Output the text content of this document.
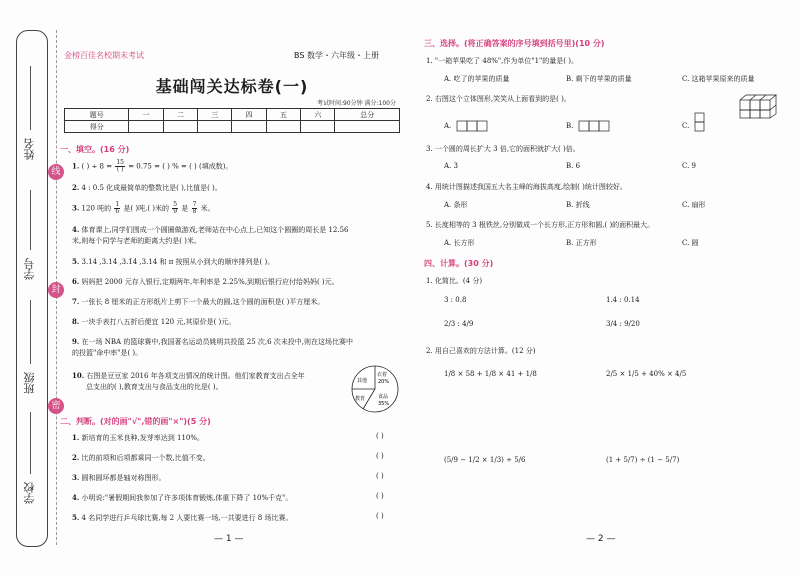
姓名
学号
班级
学校
线
封
密
金榜百佳名校期末考试	BS 数学・六年级・上册
基础闯关达标卷(一)
考试时间:90分钟 满分:100分
题号	一	二	三	四	五	六	总分
得分							
一、填空。(16 分)
1. ( ) ÷ $8 = \frac{15}{( )} = 0.75$ = ( ) % = ( ) (填成数)。
2. 4 : 0.5 化成最简单的整数比是( ),比值是( )。
3. 120 吨的 $\frac{1}{6}$ 是( )吨,( )米的 $\frac{5}{9}$ 是 $\frac{7}{8}$ 米。
4. 体育课上,同学们围成一个圆圈做游戏,老师站在中心点上,已知这个圆圈的周长是 12.56
米,则每个同学与老师的距离大约是( )米。
5. 3.14 ,3.14̇ ,3.1̇4̇ ,3.14 和 π 按照从小到大的顺序排列是( )。
6. 妈妈把 2000 元存入银行,定期两年,年利率是 2.25%,到期后银行应付给妈妈( )元。
7. 一张长 8 厘米的正方形纸片上剪下一个最大的圆,这个圆的面积是( )平方厘米。
8. 一块手表打八五折后便宜 120 元,其原价是( )元。
9. 在一场 NBA 的篮球赛中,我国著名运动员姚明共投篮 25 次,6 次未投中,则在这场比赛中
的投篮"命中率"是( )。
10. 右图是豆豆家 2016 年各项支出情况的统计图。他们家教育支出占全年
总支出的( ),教育支出与食品支出的比是( )。
衣着
20%
其他
教育	食品
35%
二、判断。(对的画"√",错的画"×")(5 分)
1. 新培育的玉米良种,发芽率达到 110%。	( )
2. 比的前项和后项都乘同一个数,比值不变。	( )
3. 圆和圆环都是轴对称图形。	( )
4. 小明说:"暑假期间我参加了许多项体育锻炼,体重下降了 10%千克"。	( )
5. 4 名同学进行乒乓球比赛,每 2 人要比赛一场,一共要进行 8 场比赛。	( )
— 1 —
三、选择。(将正确答案的序号填到括号里)(10 分)
1. "一箱苹果吃了 48%",作为单位"1"的量是( )。
A. 吃了的苹果的质量	B. 剩下的苹果的质量	C. 这箱苹果原来的质量
2. 右图这个立体图形,笑笑从上面看到的是( )。
A.	B.	C.
3. 一个圆的周长扩大 3 倍,它的面积就扩大( )倍。
A. 3	B. 6	C. 9
4. 用统计图描述我国五大名主峰的海拔高度,绘制( )统计图较好。
A. 条形	B. 折线	C. 扇形
5. 长度相等的 3 根铁丝,分别做成一个长方形,正方形和圆,( )的面积最大。
A. 长方形	B. 正方形	C. 圆
四、计算。(30 分)
1. 化简比。(4 分)
3 : 0.8	1.4 : 0.14
2/3 : 4/9	3/4 : 9/20
2. 用自己喜欢的方法计算。(12 分)
1/8 × 58 + 1/8 × 41 + 1/8	2/5 × 1/5 + 40% × 4/5
(5/9 − 1/2 × 1/3) ÷ 5/6	(1 + 5/7) ÷ (1 − 5/7)
— 2 —
